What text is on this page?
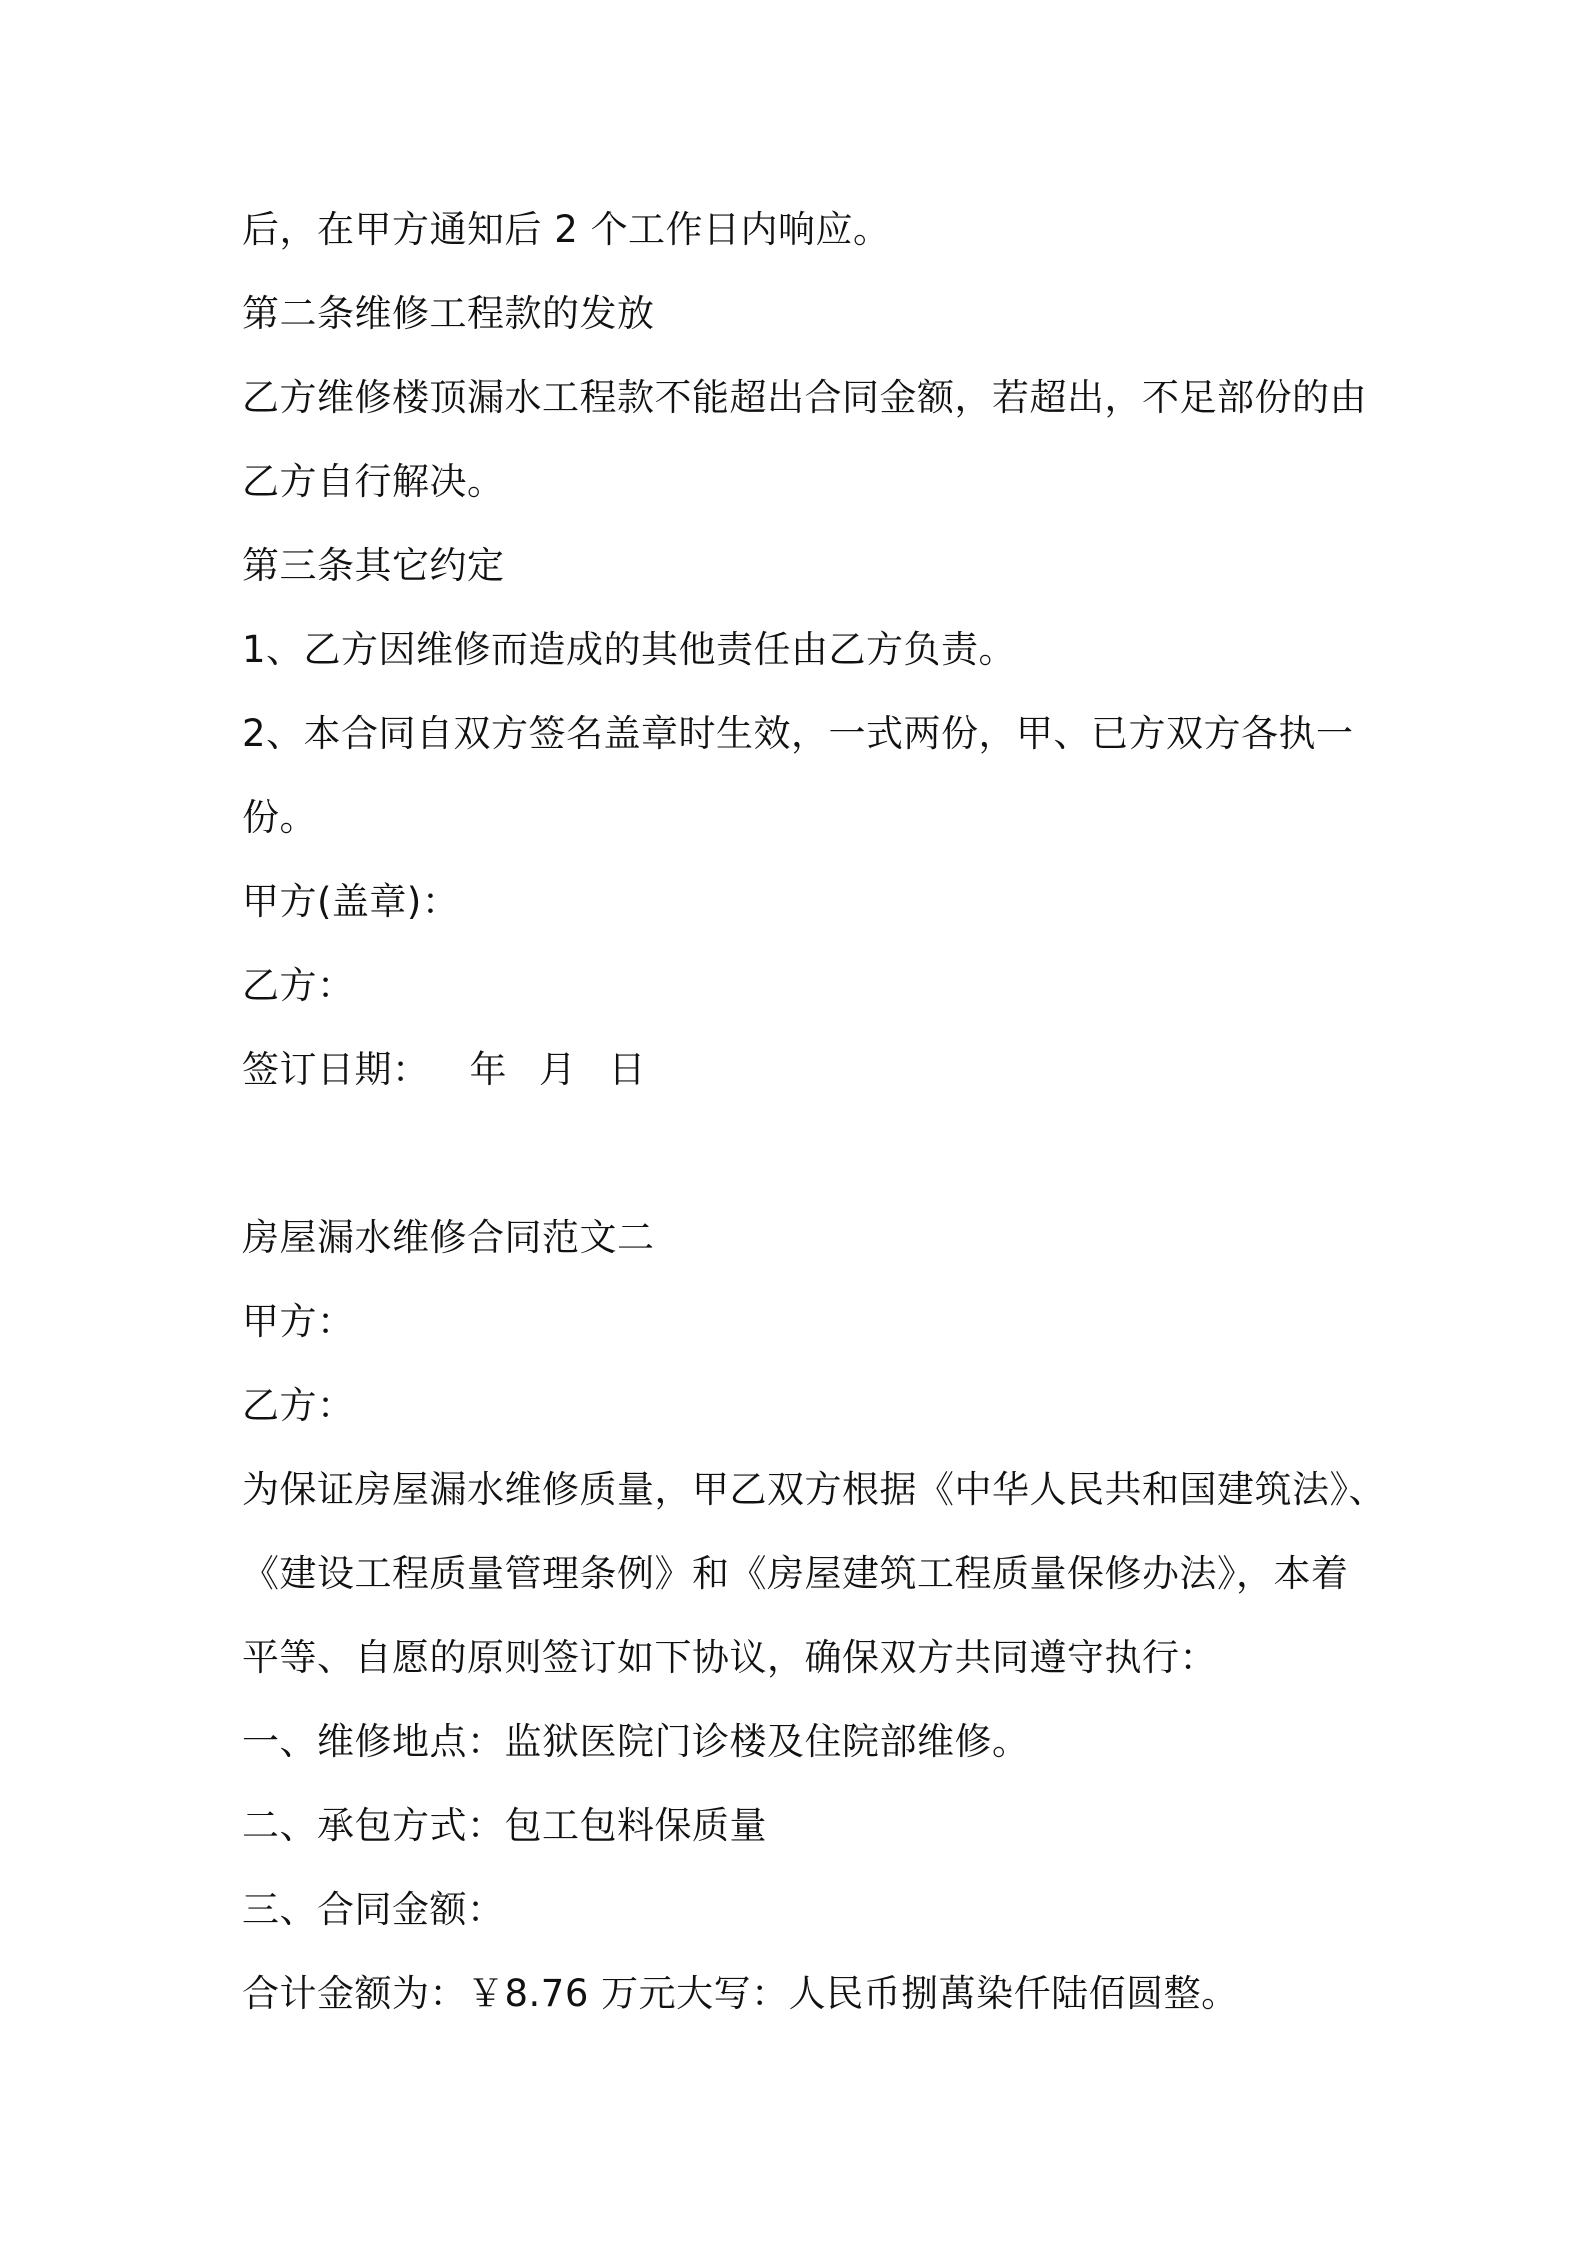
后，在甲方通知后 2 个工作日内响应。
第二条维修工程款的发放
乙方维修楼顶漏水工程款不能超出合同金额，若超出，不足部份的由
乙方自行解决。
第三条其它约定
1、乙方因维修而造成的其他责任由乙方负责。
2、本合同自双方签名盖章时生效，一式两份，甲、已方双方各执一
份。
甲方(盖章)：
乙方：
签订日期： 年 月 日
房屋漏水维修合同范文二
甲方：
乙方：
为保证房屋漏水维修质量，甲乙双方根据《中华人民共和国建筑法》、
《建设工程质量管理条例》和《房屋建筑工程质量保修办法》，本着
平等、自愿的原则签订如下协议，确保双方共同遵守执行：
一、维修地点：监狱医院门诊楼及住院部维修。
二、承包方式：包工包料保质量
三、合同金额：
合计金额为：￥8.76 万元大写：人民币捌萬染仟陆佰圆整。
